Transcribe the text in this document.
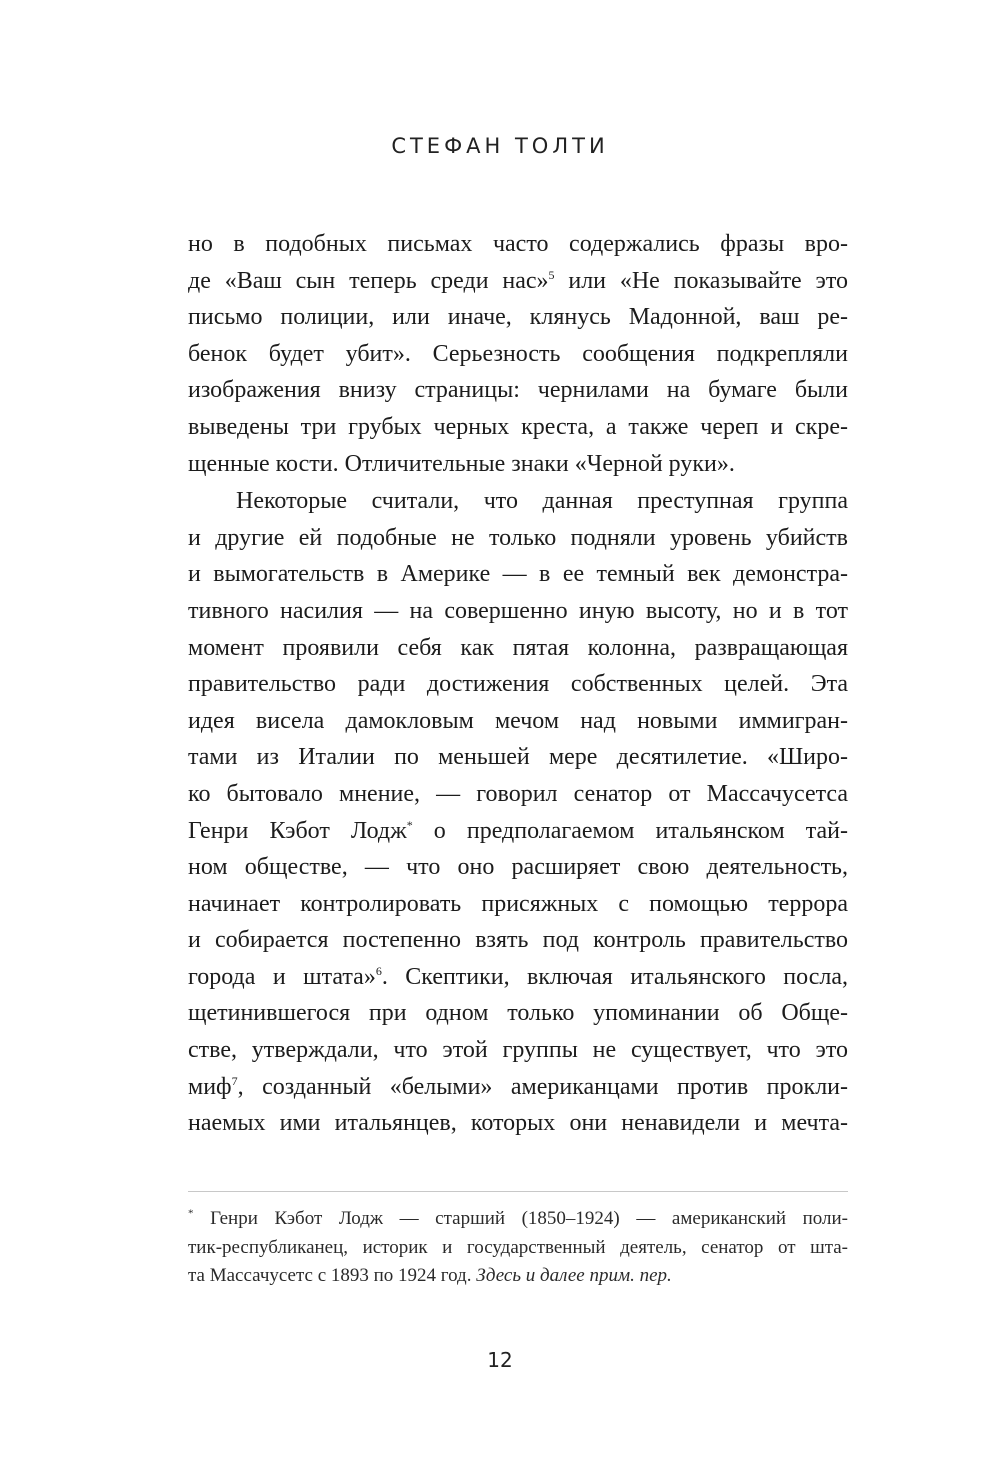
СТЕФАН ТОЛТИ
но в подобных письмах часто содержались фразы вро-
де «Ваш сын теперь среди нас»$^5$ или «Не показывайте это
письмо полиции, или иначе, клянусь Мадонной, ваш ре-
бенок будет убит». Серьезность сообщения подкрепляли
изображения внизу страницы: чернилами на бумаге были
выведены три грубых черных креста, а также череп и скре-
щенные кости. Отличительные знаки «Черной руки».
Некоторые считали, что данная преступная группа
и другие ей подобные не только подняли уровень убийств
и вымогательств в Америке — в ее темный век демонстра-
тивного насилия — на совершенно иную высоту, но и в тот
момент проявили себя как пятая колонна, развращающая
правительство ради достижения собственных целей. Эта
идея висела дамокловым мечом над новыми иммигран-
тами из Италии по меньшей мере десятилетие. «Широ-
ко бытовало мнение, — говорил сенатор от Массачусетса
Генри Кэбот Лодж* о предполагаемом итальянском тай-
ном обществе, — что оно расширяет свою деятельность,
начинает контролировать присяжных с помощью террора
и собирается постепенно взять под контроль правительство
города и штата»$^6$. Скептики, включая итальянского посла,
щетинившегося при одном только упоминании об Обще-
стве, утверждали, что этой группы не существует, что это
миф$^7$, созданный «белыми» американцами против прокли-
наемых ими итальянцев, которых они ненавидели и мечта-
* Генри Кэбот Лодж — старший (1850–1924) — американский поли-
тик-республиканец, историк и государственный деятель, сенатор от шта-
та Массачусетс с 1893 по 1924 год. Здесь и далее прим. пер.
12
